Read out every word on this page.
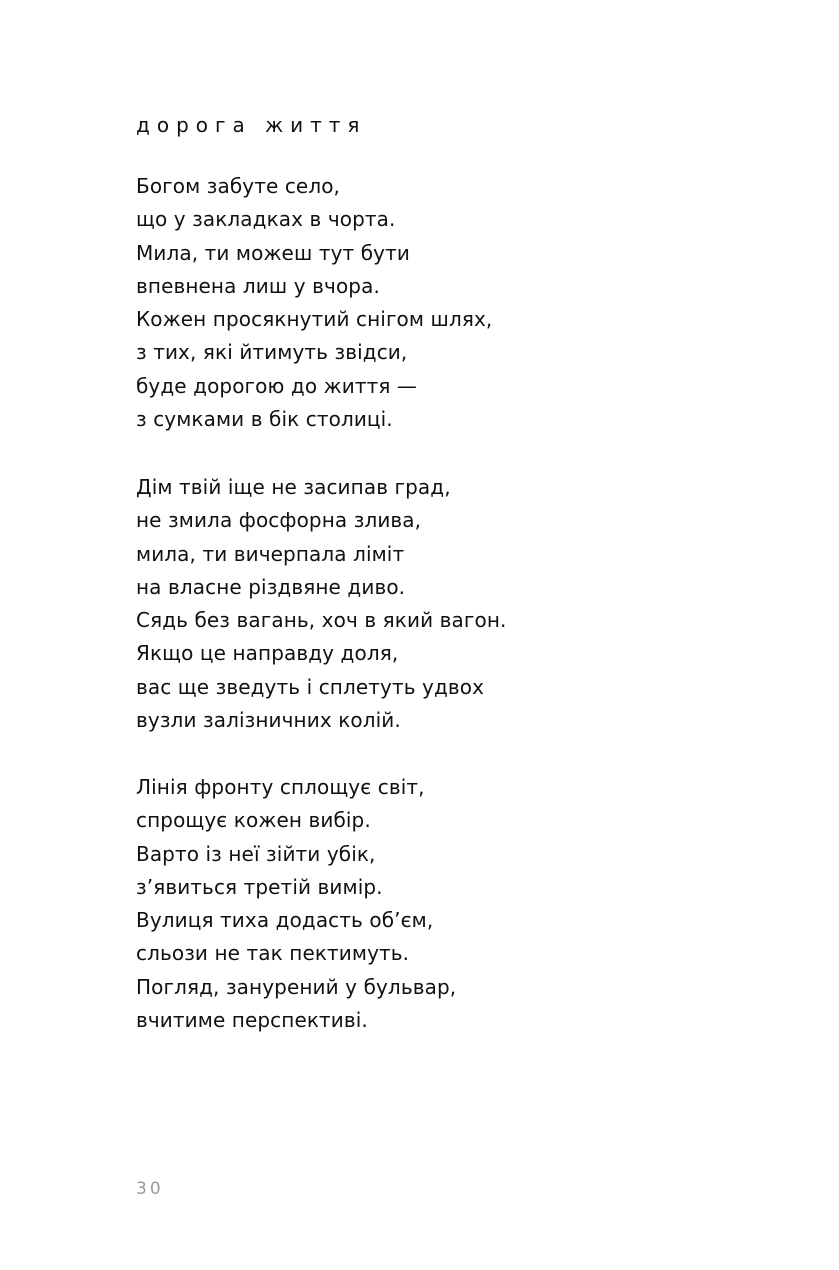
дорога життя
Богом забуте село,
що у закладках в чорта.
Мила, ти можеш тут бути
впевнена лиш у вчора.
Кожен просякнутий снігом шлях,
з тих, які йтимуть звідси,
буде дорогою до життя —
з сумками в бік столиці.
Дім твій іще не засипав град,
не змила фосфорна злива,
мила, ти вичерпала ліміт
на власне різдвяне диво.
Сядь без вагань, хоч в який вагон.
Якщо це направду доля,
вас ще зведуть і сплетуть удвох
вузли залізничних колій.
Лінія фронту сплощує світ,
спрощує кожен вибір.
Варто із неї зійти убік,
з’явиться третій вимір.
Вулиця тиха додасть об’єм,
сльози не так пектимуть.
Погляд, занурений у бульвар,
вчитиме перспективі.
30
